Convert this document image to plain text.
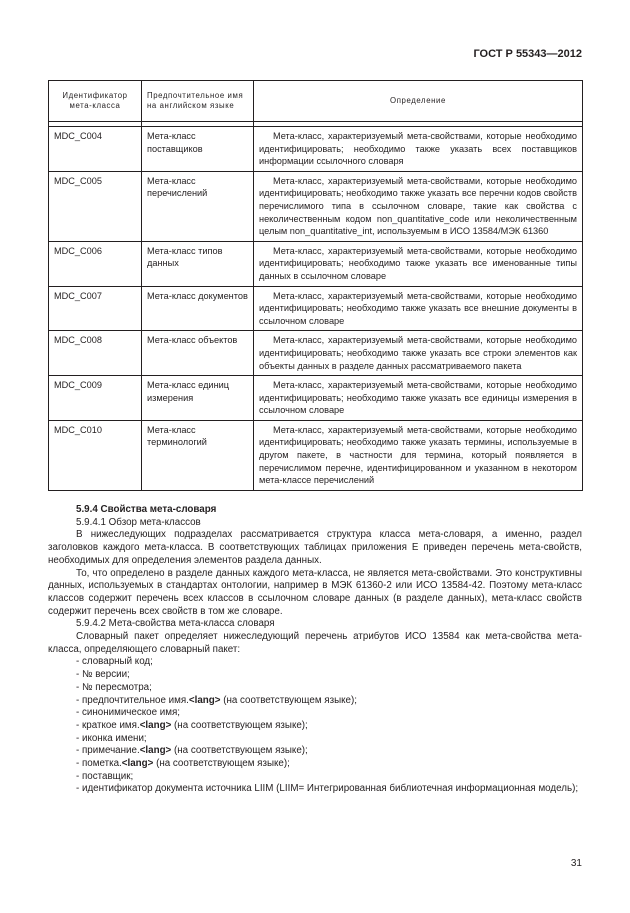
ГОСТ Р 55343—2012
Идентификатор мета-класса	Предпочтительное имя на английском языке	Определение

MDC_C004	Мета-класс поставщиков	Мета-класс, характеризуемый мета-свойствами, которые необходимо идентифицировать; необходимо также указать всех поставщиков информации ссылочного словаря
MDC_C005	Мета-класс перечислений	Мета-класс, характеризуемый мета-свойствами, которые необходимо идентифицировать; необходимо также указать все перечни кодов свойств перечислимого типа в ссылочном словаре, такие как свойства с неколичественным кодом non_quantitative_code или неколичественным целым non_quantitative_int, используемым в ИСО 13584/МЭК 61360
MDC_C006	Мета-класс типов данных	Мета-класс, характеризуемый мета-свойствами, которые необходимо идентифицировать; необходимо также указать все именованные типы данных в ссылочном словаре
MDC_C007	Мета-класс документов	Мета-класс, характеризуемый мета-свойствами, которые необходимо идентифицировать; необходимо также указать все внешние документы в ссылочном словаре
MDC_C008	Мета-класс объектов	Мета-класс, характеризуемый мета-свойствами, которые необходимо идентифицировать; необходимо также указать все строки элементов как объекты данных в разделе данных рассматриваемого пакета
MDC_C009	Мета-класс единиц измерения	Мета-класс, характеризуемый мета-свойствами, которые необходимо идентифицировать; необходимо также указать все единицы измерения в ссылочном словаре
MDC_C010	Мета-класс терминологий	Мета-класс, характеризуемый мета-свойствами, которые необходимо идентифицировать; необходимо также указать термины, используемые в другом пакете, в частности для термина, который появляется в перечислимом перечне, идентифицированном и указанном в некотором мета-классе перечислений

5.9.4 Свойства мета-словаря

5.9.4.1 Обзор мета-классов

В нижеследующих подразделах рассматривается структура класса мета-словаря, а именно, раздел заголовков каждого мета-класса. В соответствующих таблицах приложения Е приведен перечень мета-свойств, необходимых для определения элементов раздела данных.

То, что определено в разделе данных каждого мета-класса, не является мета-свойствами. Это конструктивны данных, используемых в стандартах онтологии, например в МЭК 61360-2 или ИСО 13584-42. Поэтому мета-класс классов содержит перечень всех классов в ссылочном словаре данных (в разделе данных), мета-класс свойств содержит перечень всех свойств в том же словаре.

5.9.4.2 Мета-свойства мета-класса словаря

Словарный пакет определяет нижеследующий перечень атрибутов ИСО 13584 как мета-свойства мета-класса, определяющего словарный пакет:

- словарный код;

- № версии;

- № пересмотра;

- предпочтительное имя.<lang> (на соответствующем языке);

- синонимическое имя;

- краткое имя.<lang> (на соответствующем языке);

- иконка имени;

- примечание.<lang> (на соответствующем языке);

- пометка.<lang> (на соответствующем языке);

- поставщик;

- идентификатор документа источника LIIM (LIIM= Интегрированная библиотечная информационная модель);

31
